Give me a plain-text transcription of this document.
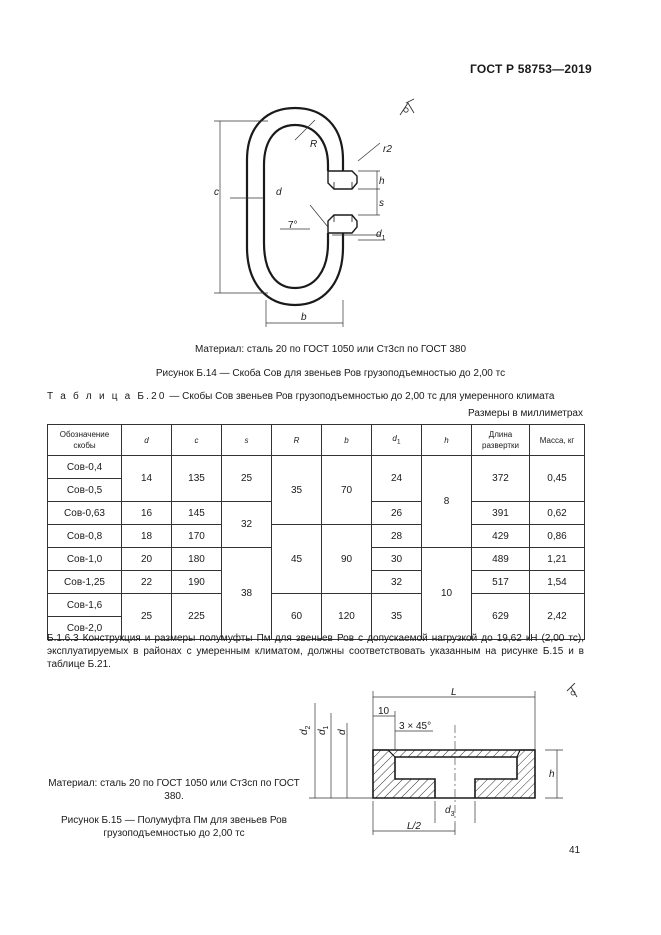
ГОСТ Р 58753—2019
R	r2
h
s
c	d
7°
$d_1$
b
Материал: сталь 20 по ГОСТ 1050 или Ст3сп по ГОСТ 380
Рисунок Б.14 — Скоба Сов для звеньев Ров грузоподъемностью до 2,00 тс
Т а б л и ц а Б.20 — Скобы Сов звеньев Ров грузоподъемностью до 2,00 тс для умеренного климата
Размеры в миллиметрах
Обозначение скобы	d	c	s	R	b	$d_1$	h	Длина развертки	Масса, кг
Сов-0,4	14	135	25	35	70	24	8	372	0,45
Сов-0,5									
Сов-0,63	16	145	32			26		391	0,62
Сов-0,8	18	170		45	90	28		429	0,86
Сов-1,0	20	180	38			30	10	489	1,21
Сов-1,25	22	190				32		517	1,54
Сов-1,6	25	225		60	120	35		629	2,42
Сов-2,0									
Б.1.6.3 Конструкция и размеры полумуфты Пм для звеньев Ров с допускаемой нагрузкой до 19,62 кН (2,00 тс), эксплуатируемых в районах с умеренным климатом, должны соответствовать указанным на рисунке Б.15 и в таблице Б.21.
L
10
3 × 45°
$d_2$
$d_1$
d
h
$d_3$
L/2
Материал: сталь 20 по ГОСТ 1050 или Ст3сп по ГОСТ 380.
Рисунок Б.15 — Полумуфта Пм для звеньев Ров грузоподъемностью до 2,00 тс
41
